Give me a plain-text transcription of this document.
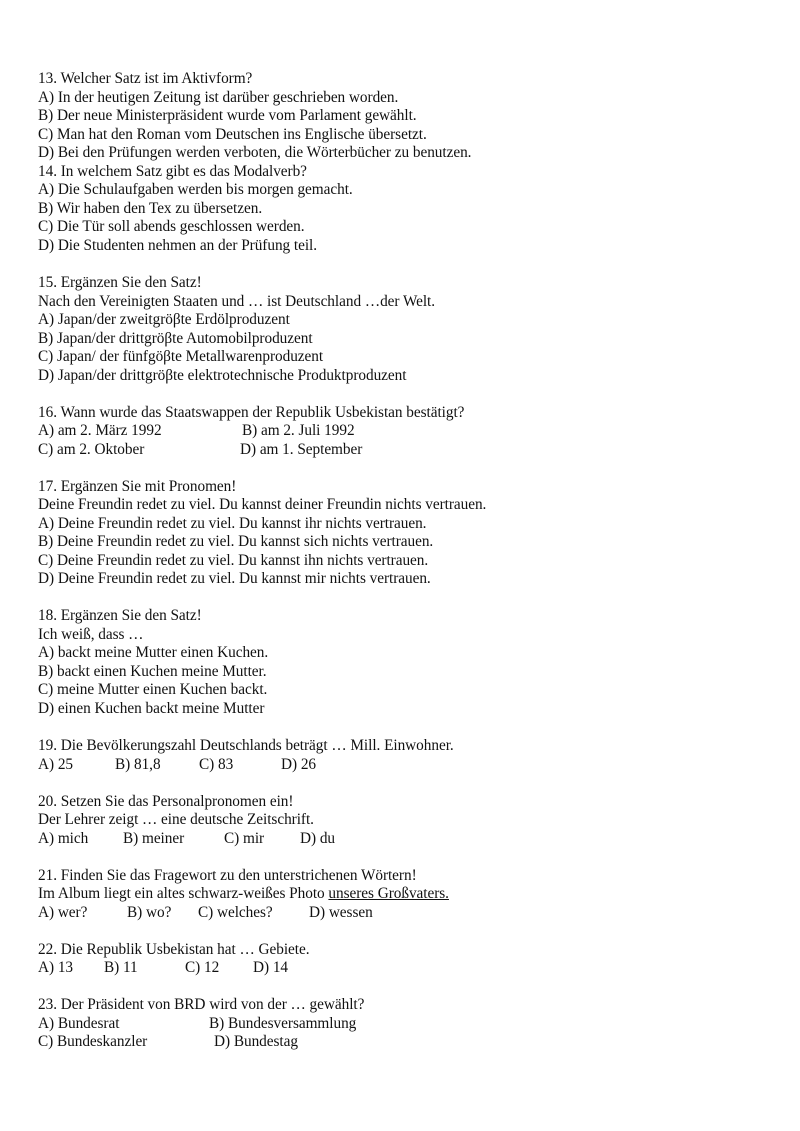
13. Welcher Satz ist im Aktivform?
A) In der heutigen Zeitung ist darüber geschrieben worden.
B) Der neue Ministerpräsident wurde vom Parlament gewählt.
C) Man hat den Roman vom Deutschen ins Englische übersetzt.
D) Bei den Prüfungen werden verboten, die Wörterbücher zu benutzen.
14. In welchem Satz gibt es das Modalverb?
A) Die Schulaufgaben werden bis morgen gemacht.
B) Wir haben den Tex zu übersetzen.
C) Die Tür soll abends geschlossen werden.
D) Die Studenten nehmen an der Prüfung teil.
15. Ergänzen Sie den Satz!
Nach den Vereinigten Staaten und … ist Deutschland …der Welt.
A) Japan/der zweitgröβte Erdölproduzent
B) Japan/der drittgröβte Automobilproduzent
C) Japan/ der fünfgöβte Metallwarenproduzent
D) Japan/der drittgröβte elektrotechnische Produktproduzent
16. Wann wurde das Staatswappen der Republik Usbekistan bestätigt?
A) am 2. März 1992	B) am 2. Juli 1992
C) am 2. Oktober	D) am 1. September
17. Ergänzen Sie mit Pronomen!
Deine Freundin redet zu viel. Du kannst deiner Freundin nichts vertrauen.
A) Deine Freundin redet zu viel. Du kannst ihr nichts vertrauen.
B) Deine Freundin redet zu viel. Du kannst sich nichts vertrauen.
C) Deine Freundin redet zu viel. Du kannst ihn nichts vertrauen.
D) Deine Freundin redet zu viel. Du kannst mir nichts vertrauen.
18. Ergänzen Sie den Satz!
Ich weiß, dass …
A) backt meine Mutter einen Kuchen.
B) backt einen Kuchen meine Mutter.
C) meine Mutter einen Kuchen backt.
D) einen Kuchen backt meine Mutter
19. Die Bevölkerungszahl Deutschlands beträgt … Mill. Einwohner.
A) 25	B) 81,8	C) 83	D) 26
20. Setzen Sie das Personalpronomen ein!
Der Lehrer zeigt … eine deutsche Zeitschrift.
A) mich B) meiner	C) mir D) du
21. Finden Sie das Fragewort zu den unterstrichenen Wörtern!
Im Album liegt ein altes schwarz-weißes Photo unseres Großvaters.
A) wer?	B) wo? C) welches? D) wessen
22. Die Republik Usbekistan hat … Gebiete.
A) 13 B) 11	C) 12 D) 14
23. Der Präsident von BRD wird von der … gewählt?
A) Bundesrat	B) Bundesversammlung
C) Bundeskanzler	D) Bundestag
